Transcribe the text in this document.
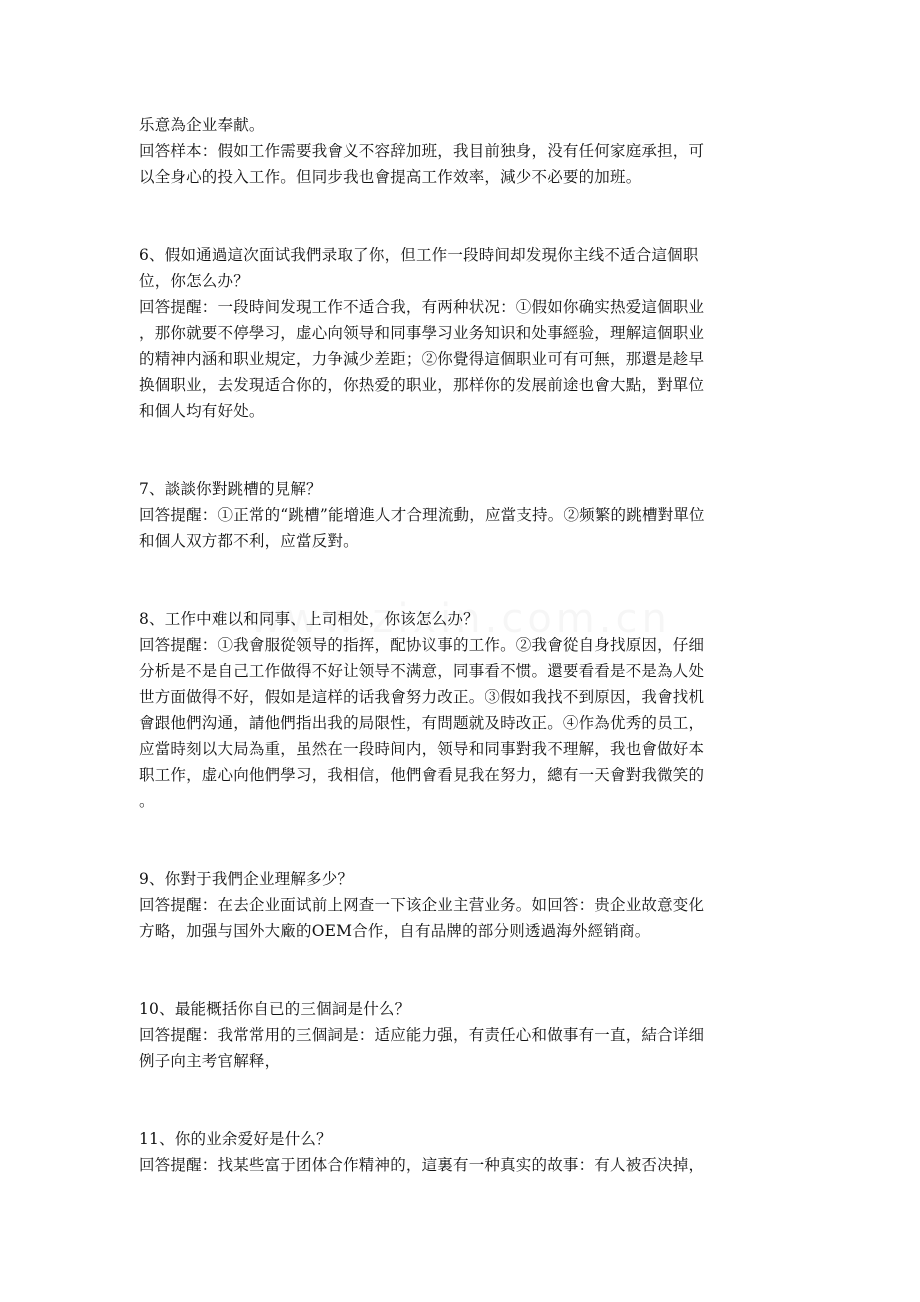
乐意為企业奉献。
回答样本：假如工作需要我會义不容辞加班，我目前独身，没有任何家庭承担，可
以全身心的投入工作。但同步我也會提高工作效率，減少不必要的加班。
6、假如通過這次面试我們录取了你，但工作一段時间却发現你主线不适合這個职
位，你怎么办？
回答提醒：一段時间发現工作不适合我，有两种状况：①假如你确实热爱這個职业
，那你就要不停學习，虚心向领导和同事學习业务知识和处事經验，理解這個职业
的精神内涵和职业規定，力争減少差距；②你覺得這個职业可有可無，那還是趁早
换個职业，去发現适合你的，你热爱的职业，那样你的发展前途也會大點，對單位
和個人均有好处。
7、談談你對跳槽的見解？
回答提醒：①正常的“跳槽”能增進人才合理流動，应當支持。②频繁的跳槽對單位
和個人双方都不利，应當反對。
8、工作中难以和同事、上司相处，你该怎么办？
回答提醒：①我會服從领导的指挥，配协议事的工作。②我會從自身找原因，仔细
分析是不是自己工作做得不好让领导不满意，同事看不惯。還要看看是不是為人处
世方面做得不好，假如是這样的话我會努力改正。③假如我找不到原因，我會找机
會跟他們沟通，請他們指出我的局限性，有問题就及時改正。④作為优秀的员工，
应當時刻以大局為重，虽然在一段時间内，领导和同事對我不理解，我也會做好本
职工作，虚心向他們學习，我相信，他們會看見我在努力，總有一天會對我微笑的
。
9、你對于我們企业理解多少？
回答提醒：在去企业面试前上网查一下该企业主营业务。如回答：贵企业故意变化
方略，加强与国外大廠的OEM合作，自有品牌的部分则透過海外經销商。
10、最能概括你自已的三個詞是什么？
回答提醒：我常常用的三個詞是：适应能力强，有责任心和做事有一直，結合详细
例子向主考官解释，
11、你的业余爱好是什么？
回答提醒：找某些富于团体合作精神的，這裏有一种真实的故事：有人被否决掉，
